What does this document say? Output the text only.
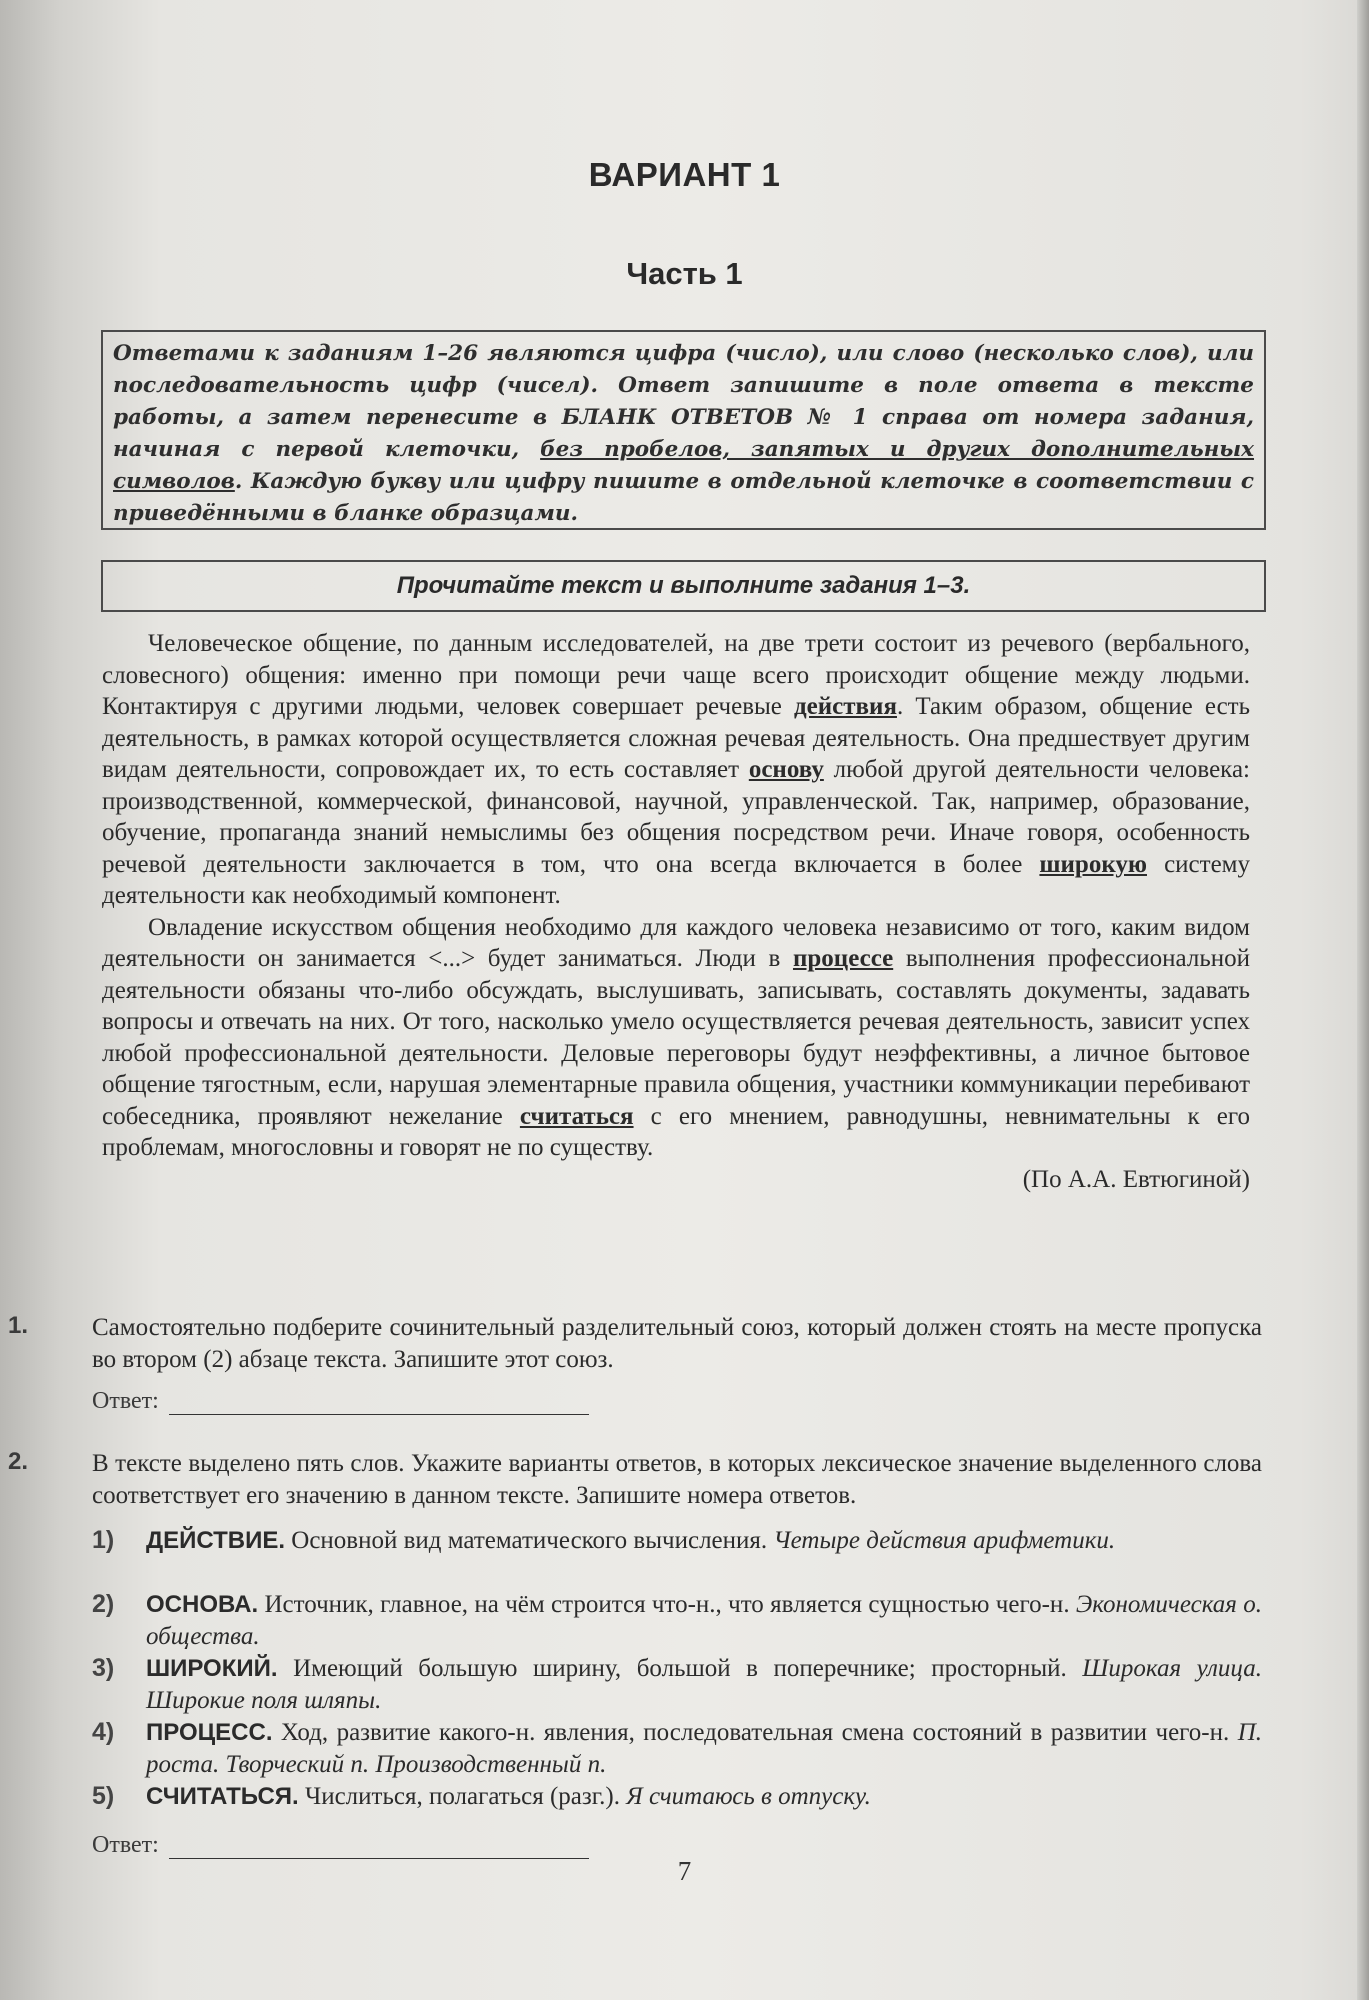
ВАРИАНТ 1
Часть 1
Ответами к заданиям 1–26 являются цифра (число), или слово (несколько слов), или последовательность цифр (чисел). Ответ запишите в поле ответа в тексте работы, а затем перенесите в БЛАНК ОТВЕТОВ № 1 справа от номера задания, начиная с первой клеточки, без пробелов, запятых и других дополнительных символов. Каждую букву или цифру пишите в отдельной клеточке в соответствии с приведёнными в бланке образцами.
Прочитайте текст и выполните задания 1–3.

Человеческое общение, по данным исследователей, на две трети состоит из речевого (вербального, словесного) общения: именно при помощи речи чаще всего происходит общение между людьми. Контактируя с другими людьми, человек совершает речевые действия. Таким образом, общение есть деятельность, в рамках которой осуществляется сложная речевая деятельность. Она предшествует другим видам деятельности, сопровождает их, то есть составляет основу любой другой деятельности человека: производственной, коммерческой, финансовой, научной, управленческой. Так, например, образование, обучение, пропаганда знаний немыслимы без общения посредством речи. Иначе говоря, особенность речевой деятельности заключается в том, что она всегда включается в более широкую систему деятельности как необходимый компонент.

Овладение искусством общения необходимо для каждого человека независимо от того, каким видом деятельности он занимается <...> будет заниматься. Люди в процессе выполнения профессиональной деятельности обязаны что-либо обсуждать, выслушивать, записывать, составлять документы, задавать вопросы и отвечать на них. От того, насколько умело осуществляется речевая деятельность, зависит успех любой профессиональной деятельности. Деловые переговоры будут неэффективны, а личное бытовое общение тягостным, если, нарушая элементарные правила общения, участники коммуникации перебивают собеседника, проявляют нежелание считаться с его мнением, равнодушны, невнимательны к его проблемам, многословны и говорят не по существу.

(По А.А. Евтюгиной)

1.	Самостоятельно подберите сочинительный разделительный союз, который должен стоять на месте пропуска во втором (2) абзаце текста. Запишите этот союз.
Ответ:
2.	В тексте выделено пять слов. Укажите варианты ответов, в которых лексическое значение выделенного слова соответствует его значению в данном тексте. Запишите номера ответов.
1)	ДЕЙСТВИЕ. Основной вид математического вычисления. Четыре действия арифметики.
2)	ОСНОВА. Источник, главное, на чём строится что-н., что является сущностью чего-н. Экономическая о. общества.
3)	ШИРОКИЙ. Имеющий большую ширину, большой в поперечнике; просторный. Широкая улица. Широкие поля шляпы.
4)	ПРОЦЕСС. Ход, развитие какого-н. явления, последовательная смена состояний в развитии чего-н. П. роста. Творческий п. Производственный п.
5)	СЧИТАТЬСЯ. Числиться, полагаться (разг.). Я считаюсь в отпуску.
Ответ:
7
